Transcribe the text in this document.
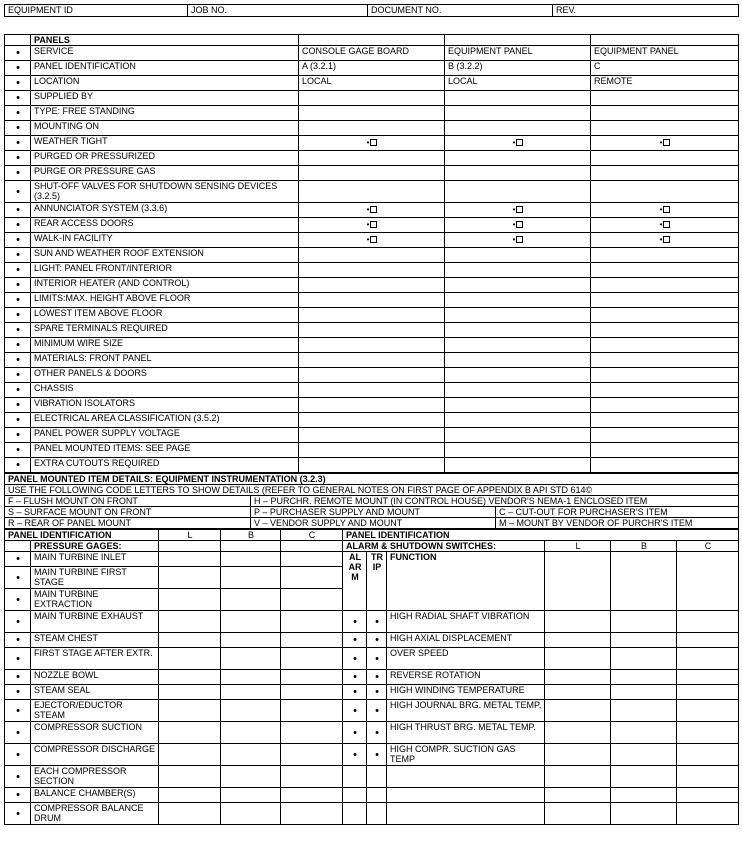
EQUIPMENT ID	JOB NO.	DOCUMENT NO.	REV.
	PANELS			
•	SERVICE	CONSOLE GAGE BOARD	EQUIPMENT PANEL	EQUIPMENT PANEL
•	PANEL IDENTIFICATION	A (3.2.1)	B (3.2.2)	C
•	LOCATION	LOCAL	LOCAL	REMOTE
•	SUPPLIED BY			
•	TYPE: FREE STANDING			
•	MOUNTING ON			
•	WEATHER TIGHT	•	•	•
•	PURGED OR PRESSURIZED			
•	PURGE OR PRESSURE GAS			
•	SHUT-OFF VALVES FOR SHUTDOWN SENSING DEVICES (3.2.5)			
•	ANNUNCIATOR SYSTEM (3.3.6)	•	•	•
•	REAR ACCESS DOORS	•	•	•
•	WALK-IN FACILITY	•	•	•
•	SUN AND WEATHER ROOF EXTENSION			
•	LIGHT: PANEL FRONT/INTERIOR			
•	INTERIOR HEATER (AND CONTROL)			
•	LIMITS:MAX. HEIGHT ABOVE FLOOR			
•	LOWEST ITEM ABOVE FLOOR			
•	SPARE TERMINALS REQUIRED			
•	MINIMUM WIRE SIZE			
•	MATERIALS: FRONT PANEL			
•	OTHER PANELS & DOORS			
•	CHASSIS			
•	VIBRATION ISOLATORS			
•	ELECTRICAL AREA CLASSIFICATION (3.5.2)			
•	PANEL POWER SUPPLY VOLTAGE			
•	PANEL MOUNTED ITEMS: SEE PAGE			
•	EXTRA CUTOUTS REQUIRED			
PANEL MOUNTED ITEM DETAILS: EQUIPMENT INSTRUMENTATION (3.2.3)		
USE THE FOLLOWING CODE LETTERS TO SHOW DETAILS (REFER TO GENERAL NOTES ON FIRST PAGE OF APPENDIX B API STD 614©		
F – FLUSH MOUNT ON FRONT	H – PURCHR. REMOTE MOUNT (IN CONTROL HOUSE) VENDOR'S NEMA-1 ENCLOSED ITEM	
S – SURFACE MOUNT ON FRONT	P – PURCHASER SUPPLY AND MOUNT	C – CUT-OUT FOR PURCHASER'S ITEM
R – REAR OF PANEL MOUNT	V – VENDOR SUPPLY AND MOUNT	M – MOUNT BY VENDOR OF PURCHR'S ITEM
PANEL IDENTIFICATION		L	B	C	PANEL IDENTIFICATION					
	PRESSURE GAGES:				ALARM & SHUTDOWN SWITCHES:			L	B	C
•	MAIN TURBINE INLET				ALARM	TRIP	FUNCTION			
•	MAIN TURBINE FIRST STAGE									
•	MAIN TURBINE EXTRACTION									
•	MAIN TURBINE EXHAUST				•	•	HIGH RADIAL SHAFT VIBRATION			
•	STEAM CHEST				•	•	HIGH AXIAL DISPLACEMENT			
•	FIRST STAGE AFTER EXTR.				•	•	OVER SPEED			
•	NOZZLE BOWL				•	•	REVERSE ROTATION			
•	STEAM SEAL				•	•	HIGH WINDING TEMPERATURE			
•	EJECTOR/EDUCTOR STEAM				•	•	HIGH JOURNAL BRG. METAL TEMP.			
•	COMPRESSOR SUCTION				•	•	HIGH THRUST BRG. METAL TEMP.			
•	COMPRESSOR DISCHARGE				•	•	HIGH COMPR. SUCTION GAS TEMP			
•	EACH COMPRESSOR SECTION									
•	BALANCE CHAMBER(S)									
•	COMPRESSOR BALANCE DRUM									
